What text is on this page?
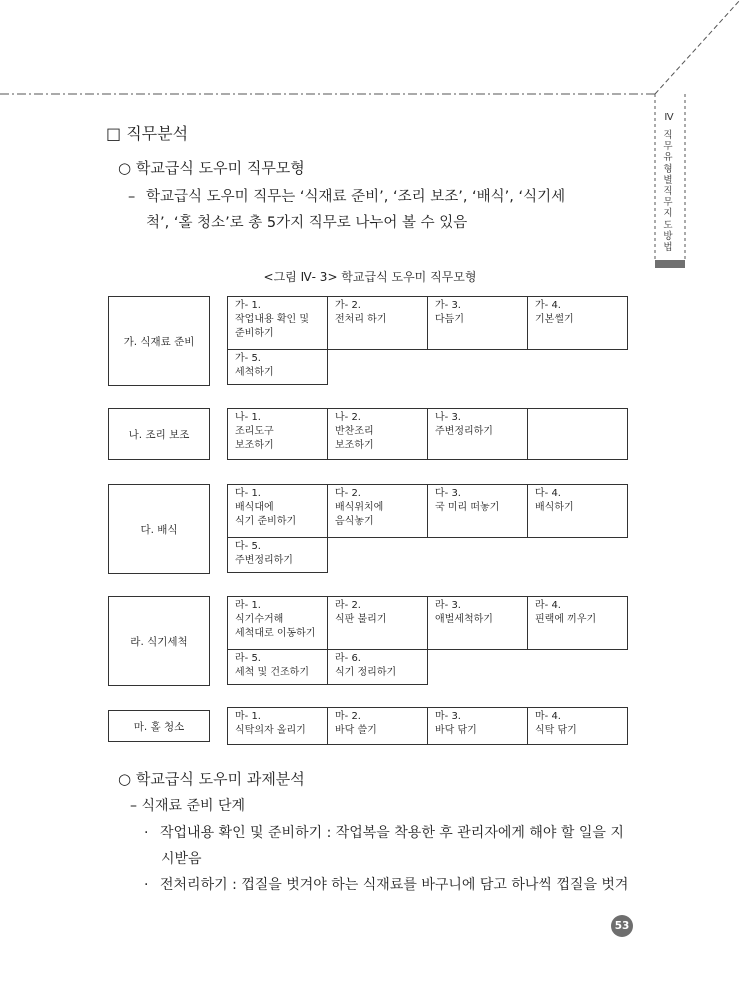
Ⅳ
직무유형별 직무지도방법
□ 직무분석
○ 학교급식 도우미 직무모형
– 학교급식 도우미 직무는 ‘식재료 준비’, ‘조리 보조’, ‘배식’, ‘식기세
척’, ‘홀 청소’로 총 5가지 직무로 나누어 볼 수 있음
<그림 Ⅳ- 3> 학교급식 도우미 직무모형
가. 식재료 준비
가- 1.
작업내용 확인 및
준비하기
가- 2.
전처리 하기
가- 3.
다듬기
가- 4.
기본썰기
가- 5.
세척하기
나. 조리 보조
나- 1.
조리도구
보조하기
나- 2.
반찬조리
보조하기
나- 3.
주변정리하기
다. 배식
다- 1.
배식대에
식기 준비하기
다- 2.
배식위치에
음식놓기
다- 3.
국 미리 떠놓기
다- 4.
배식하기
다- 5.
주변정리하기
라. 식기세척
라- 1.
식기수거해
세척대로 이동하기
라- 2.
식판 불리기
라- 3.
애벌세척하기
라- 4.
핀랙에 끼우기
라- 5.
세척 및 건조하기
라- 6.
식기 정리하기
마. 홀 청소
마- 1.
식탁의자 올리기
마- 2.
바닥 쓸기
마- 3.
바닥 닦기
마- 4.
식탁 닦기
○ 학교급식 도우미 과제분석
– 식재료 준비 단계
· 작업내용 확인 및 준비하기 : 작업복을 착용한 후 관리자에게 해야 할 일을 지
시받음
· 전처리하기 : 껍질을 벗겨야 하는 식재료를 바구니에 담고 하나씩 껍질을 벗겨
53
